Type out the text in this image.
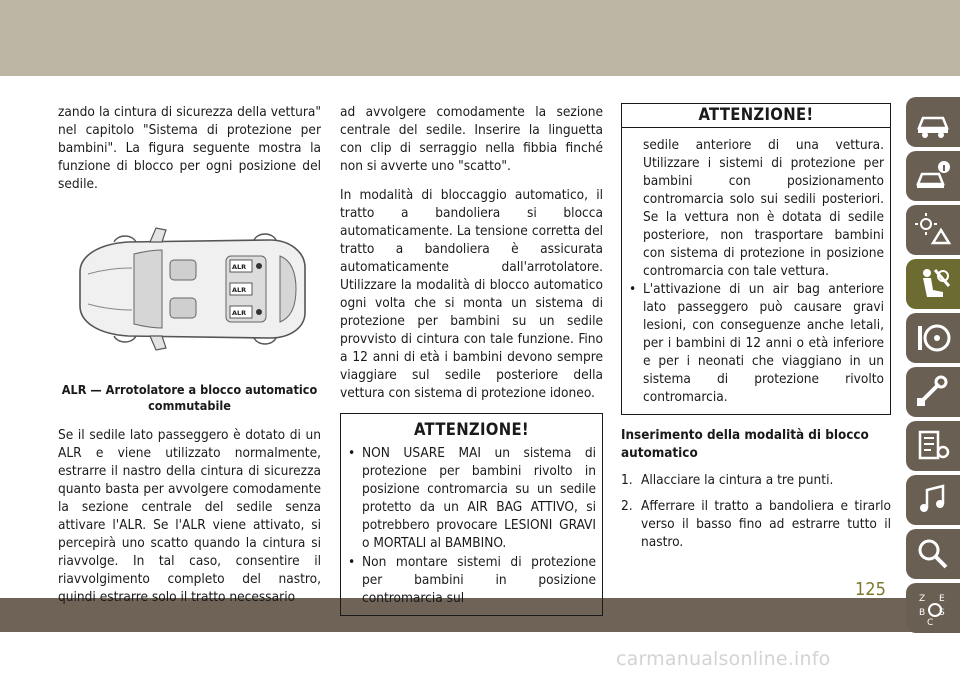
zando la cintura di sicurezza della vettura" nel capitolo "Sistema di protezione per bambini". La figura seguente mostra la funzione di blocco per ogni posizione del sedile.

ALR
ALR
ALR
ALR — Arrotolatore a blocco automatico commutabile

Se il sedile lato passeggero è dotato di un ALR e viene utilizzato normalmente, estrarre il nastro della cintura di sicurezza quanto basta per avvolgere comodamente la sezione centrale del sedile senza attivare l'ALR. Se l'ALR viene attivato, si percepirà uno scatto quando la cintura si riavvolge. In tal caso, consentire il riavvolgimento completo del nastro, quindi estrarre solo il tratto necessario

ad avvolgere comodamente la sezione centrale del sedile. Inserire la linguetta con clip di serraggio nella fibbia finché non si avverte uno "scatto".

In modalità di bloccaggio automatico, il tratto a bandoliera si blocca automaticamente. La tensione corretta del tratto a bandoliera è assicurata automaticamente dall'arrotolatore. Utilizzare la modalità di blocco automatico ogni volta che si monta un sistema di protezione per bambini su un sedile provvisto di cintura con tale funzione. Fino a 12 anni di età i bambini devono sempre viaggiare sul sedile posteriore della vettura con sistema di protezione idoneo.

ATTENZIONE!
• NON USARE MAI un sistema di protezione per bambini rivolto in posizione contromarcia su un sedile protetto da un AIR BAG ATTIVO, si potrebbero provocare LESIONI GRAVI o MORTALI al BAMBINO.
• Non montare sistemi di protezione per bambini in posizione contromarcia sul
ATTENZIONE!
sedile anteriore di una vettura. Utilizzare i sistemi di protezione per bambini con posizionamento contromarcia solo sui sedili posteriori. Se la vettura non è dotata di sedile posteriore, non trasportare bambini con sistema di protezione in posizione contromarcia con tale vettura.
• L'attivazione di un air bag anteriore lato passeggero può causare gravi lesioni, con conseguenze anche letali, per i bambini di 12 anni o età inferiore e per i neonati che viaggiano in un sistema di protezione rivolto contromarcia.
Inserimento della modalità di blocco automatico
1. Allacciare la cintura a tre punti.
2. Afferrare il tratto a bandoliera e tirarlo verso il basso fino ad estrarre tutto il nastro.
Z E
B S
C
125
carmanualsonline.info
